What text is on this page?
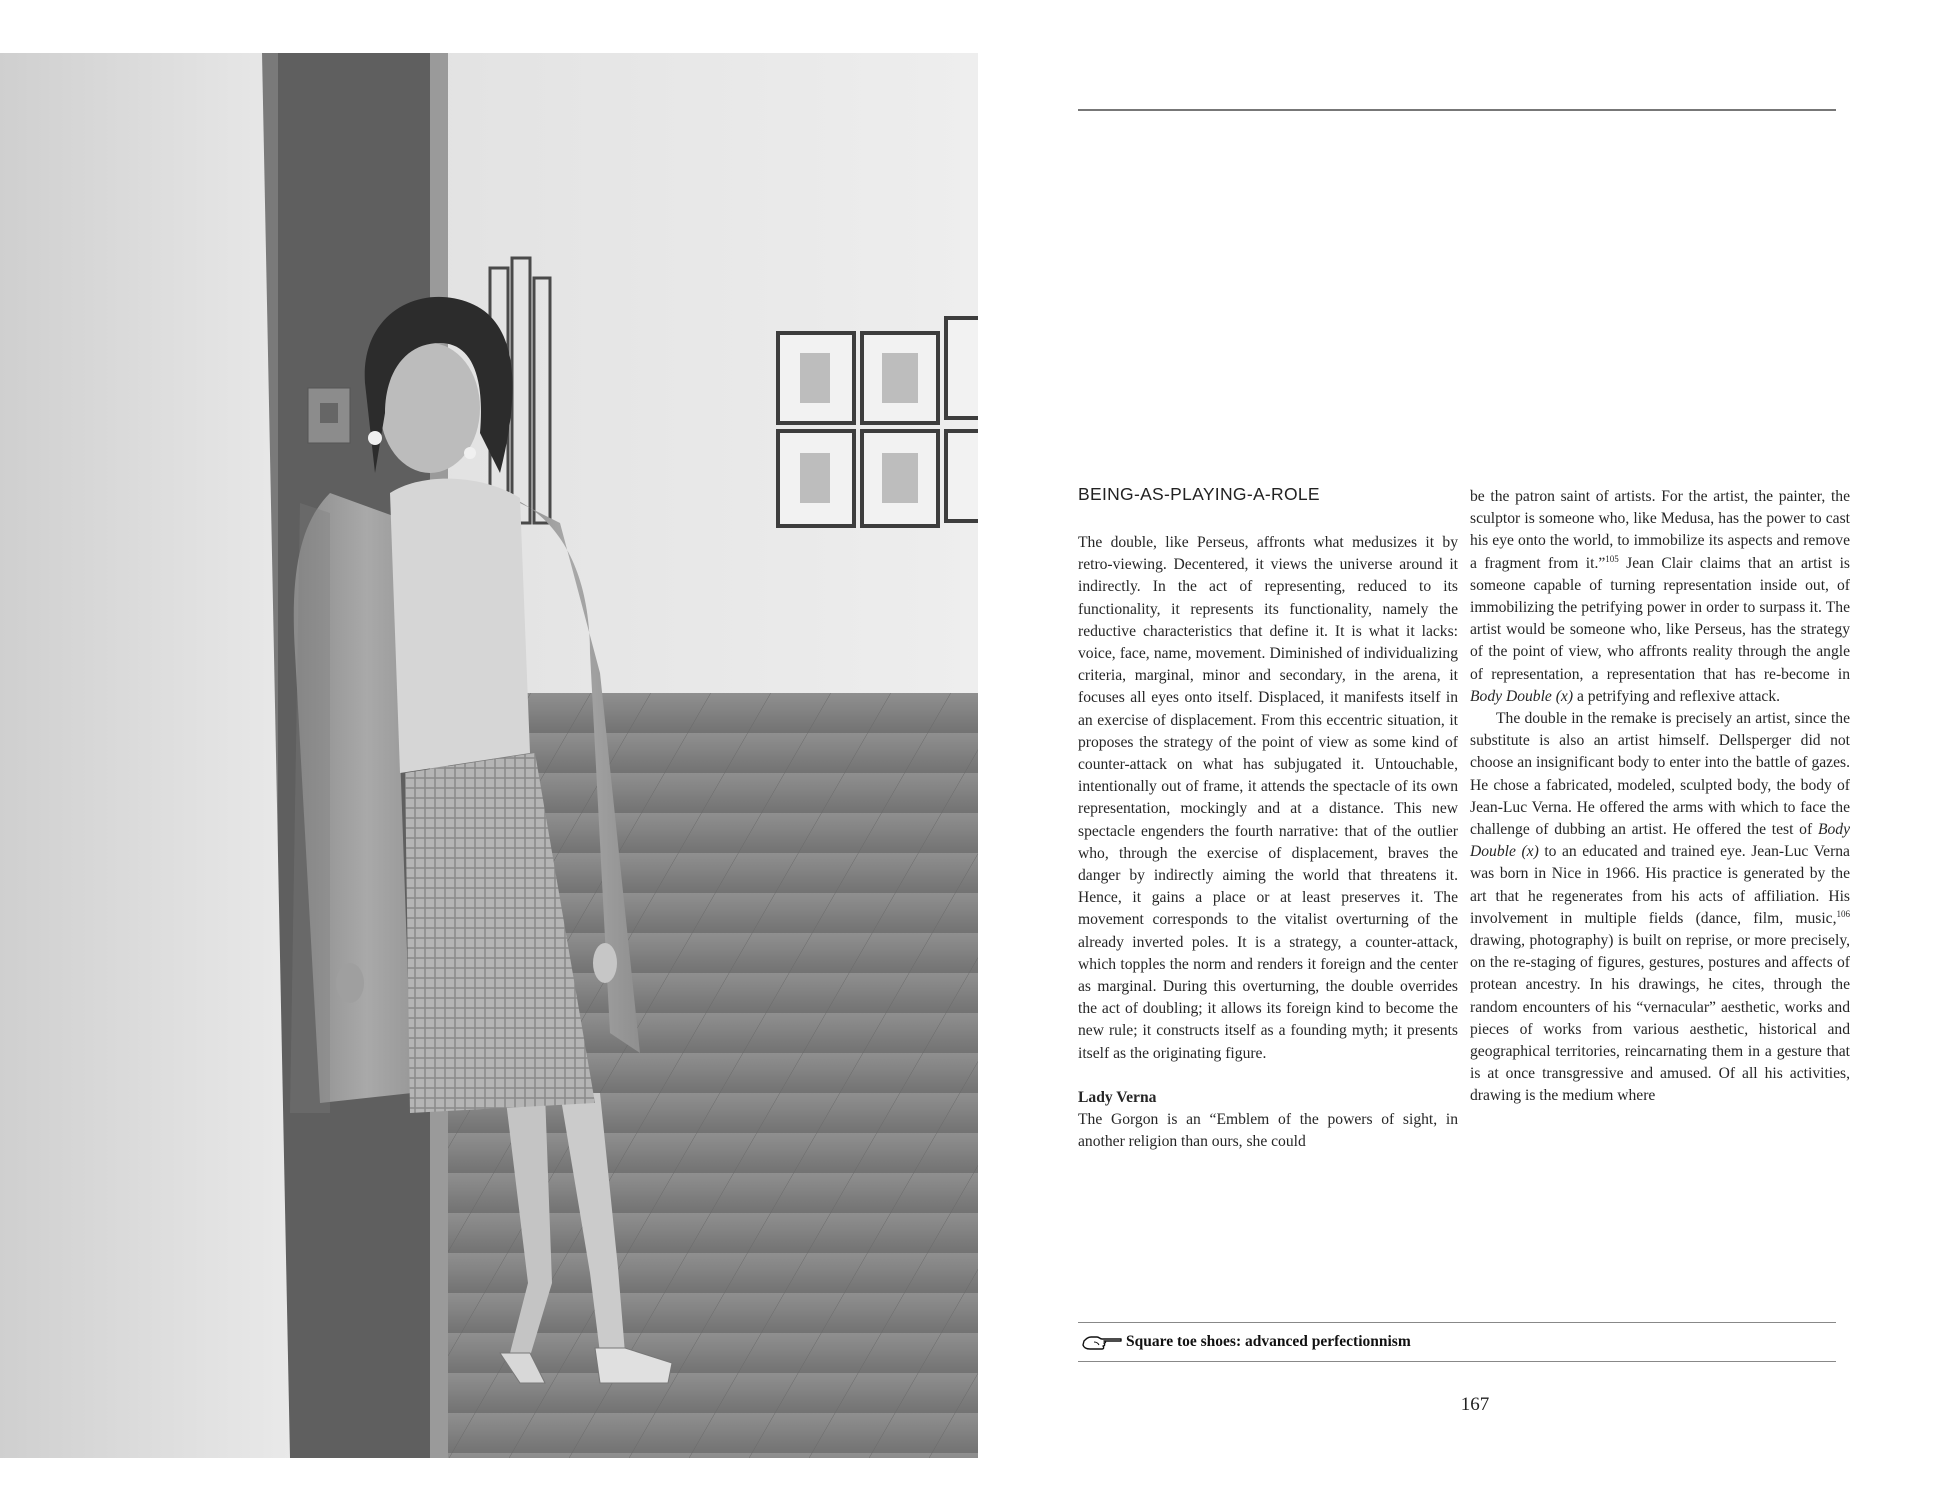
BEING-AS-PLAYING-A-ROLE

The double, like Perseus, affronts what medusizes it by retro-viewing. Decentered, it views the universe around it indirectly. In the act of representing, reduced to its functionality, it represents its functionality, namely the reductive characteristics that define it. It is what it lacks: voice, face, name, movement. Diminished of individualizing criteria, marginal, minor and secondary, in the arena, it focuses all eyes onto itself. Displaced, it manifests itself in an exercise of displacement. From this eccentric situation, it proposes the strategy of the point of view as some kind of counter-attack on what has subjugated it. Untouchable, intentionally out of frame, it attends the spectacle of its own representation, mockingly and at a distance. This new spectacle engenders the fourth narrative: that of the outlier who, through the exercise of displacement, braves the danger by indirectly aiming the world that threatens it. Hence, it gains a place or at least preserves it. The movement corresponds to the vitalist overturning of the already inverted poles. It is a strategy, a counter-attack, which topples the norm and renders it foreign and the center as marginal. During this overturning, the double overrides the act of doubling; it allows its foreign kind to become the new rule; it constructs itself as a founding myth; it presents itself as the originating figure.

Lady Verna

The Gorgon is an “Emblem of the powers of sight, in another religion than ours, she could

be the patron saint of artists. For the artist, the painter, the sculptor is someone who, like Medusa, has the power to cast his eye onto the world, to immobilize its aspects and remove a fragment from it.”$^{105}$ Jean Clair claims that an artist is someone capable of turning representation inside out, of immobilizing the petrifying power in order to surpass it. The artist would be someone who, like Perseus, has the strategy of the point of view, who affronts reality through the angle of representation, a representation that has re-become in Body Double (x) a petrifying and reflexive attack.

The double in the remake is precisely an artist, since the substitute is also an artist himself. Dellsperger did not choose an insignificant body to enter into the battle of gazes. He chose a fabricated, modeled, sculpted body, the body of Jean-Luc Verna. He offered the arms with which to face the challenge of dubbing an artist. He offered the test of Body Double (x) to an educated and trained eye. Jean-Luc Verna was born in Nice in 1966. His practice is generated by the art that he regenerates from his acts of affiliation. His involvement in multiple fields (dance, film, music,$^{106}$ drawing, photography) is built on reprise, or more precisely, on the re-staging of figures, gestures, postures and affects of protean ancestry. In his drawings, he cites, through the random encounters of his “vernacular” aesthetic, works and pieces of works from various aesthetic, historical and geographical territories, reincarnating them in a gesture that is at once transgressive and amused. Of all his activities, drawing is the medium where

Square toe shoes: advanced perfectionnism
167
